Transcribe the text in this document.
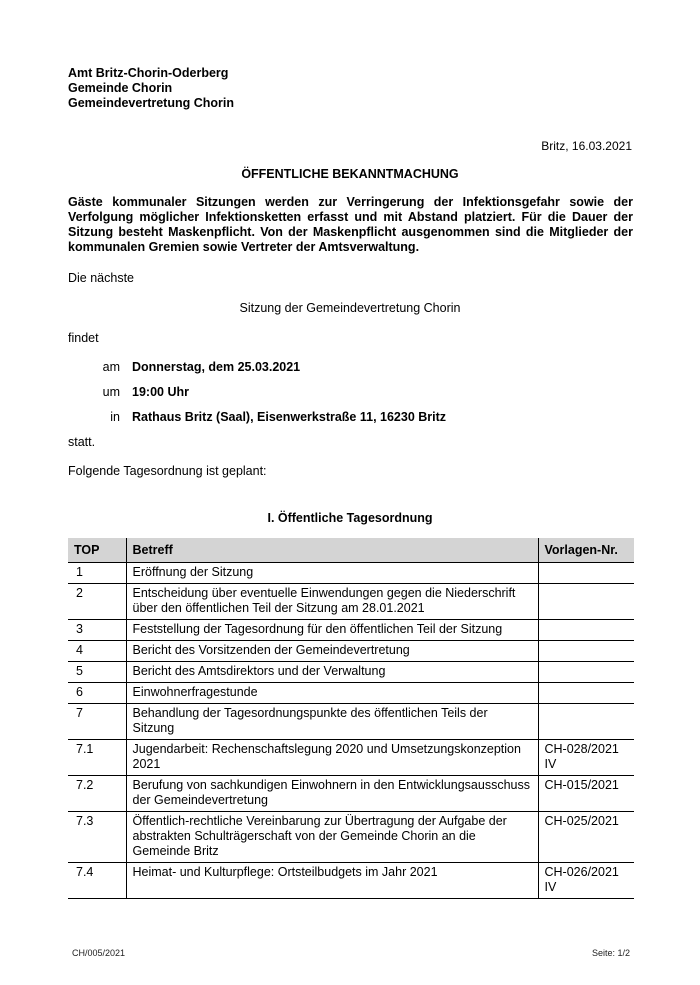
Amt Britz-Chorin-Oderberg
Gemeinde Chorin
Gemeindevertretung Chorin
Britz, 16.03.2021
ÖFFENTLICHE BEKANNTMACHUNG
Gäste kommunaler Sitzungen werden zur Verringerung der Infektionsgefahr sowie der Verfolgung möglicher Infektionsketten erfasst und mit Abstand platziert. Für die Dauer der Sitzung besteht Maskenpflicht. Von der Maskenpflicht ausgenommen sind die Mitglieder der kommunalen Gremien sowie Vertreter der Amtsverwaltung.
Die nächste
Sitzung der Gemeindevertretung Chorin
findet
am Donnerstag, dem 25.03.2021
um 19:00 Uhr
in Rathaus Britz (Saal), Eisenwerkstraße 11, 16230 Britz
statt.
Folgende Tagesordnung ist geplant:
I. Öffentliche Tagesordnung
TOP	Betreff	Vorlagen-Nr.
1	Eröffnung der Sitzung	
2	Entscheidung über eventuelle Einwendungen gegen die Niederschrift über den öffentlichen Teil der Sitzung am 28.01.2021	
3	Feststellung der Tagesordnung für den öffentlichen Teil der Sitzung	
4	Bericht des Vorsitzenden der Gemeindevertretung	
5	Bericht des Amtsdirektors und der Verwaltung	
6	Einwohnerfragestunde	
7	Behandlung der Tagesordnungspunkte des öffentlichen Teils der Sitzung	
7.1	Jugendarbeit: Rechenschaftslegung 2020 und Umsetzungskonzeption 2021	CH-028/2021 IV
7.2	Berufung von sachkundigen Einwohnern in den Entwicklungsausschuss der Gemeindevertretung	CH-015/2021
7.3	Öffentlich-rechtliche Vereinbarung zur Übertragung der Aufgabe der abstrakten Schulträgerschaft von der Gemeinde Chorin an die Gemeinde Britz	CH-025/2021
7.4	Heimat- und Kulturpflege: Ortsteilbudgets im Jahr 2021	CH-026/2021 IV
CH/005/2021	Seite: 1/2
